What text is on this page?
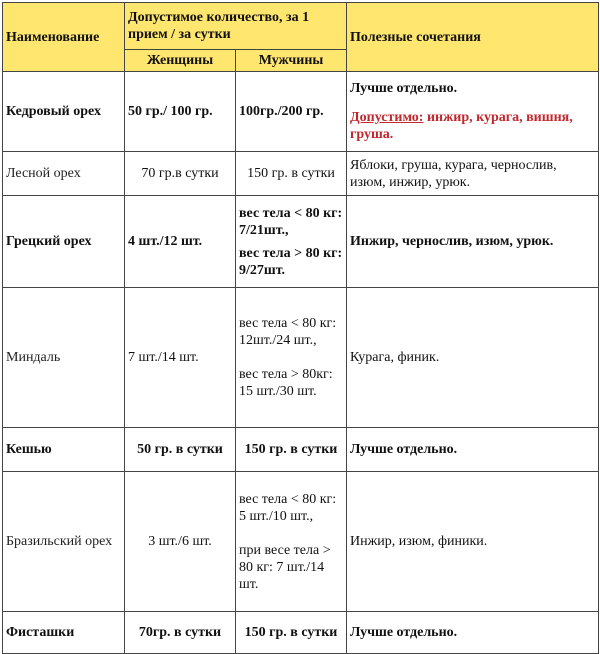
Наименование	Допустимое количество, за 1 прием / за сутки		Полезные сочетания
	Женщины	Мужчины	
Кедровый орех	50 гр./ 100 гр.	100гр./200 гр.	Лучше отдельно.
Допустимо: инжир, курага, вишня, груша.

Лесной орех	70 гр.в сутки	150 гр. в сутки	Яблоки, груша, курага, чернослив, изюм, инжир, урюк.
Грецкий орех	4 шт./12 шт.	вес тела < 80 кг: 7/21шт.,
вес тела > 80 кг: 9/27шт.	Инжир, чернослив, изюм, урюк.
Миндаль	7 шт./14 шт.	вес тела < 80 кг: 12шт./24 шт.,
вес тела > 80кг: 15 шт./30 шт.	Курага, финик.
Кешью	50 гр. в сутки	150 гр. в сутки	Лучше отдельно.
Бразильский орех	3 шт./6 шт.	вес тела < 80 кг: 5 шт./10 шт.,
при весе тела > 80 кг: 7 шт./14 шт.	Инжир, изюм, финики.
Фисташки	70гр. в сутки	150 гр. в сутки	Лучше отдельно.
